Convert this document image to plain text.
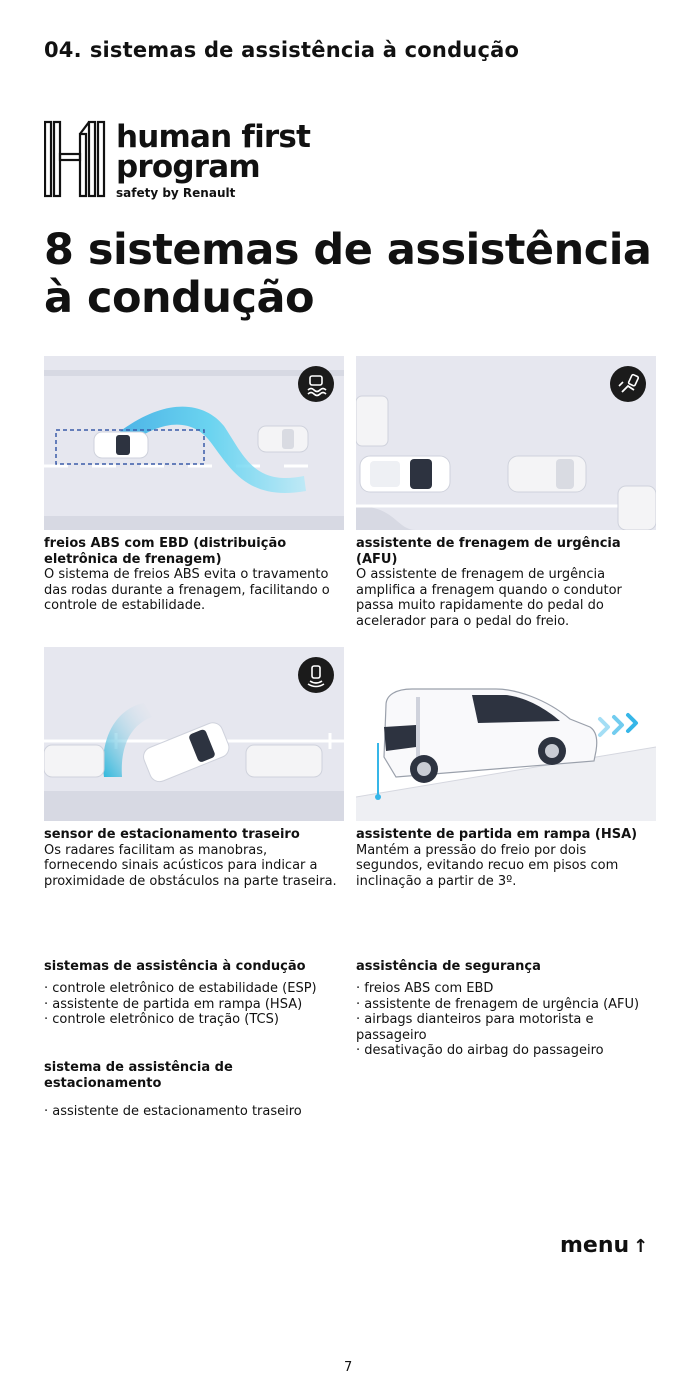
04. sistemas de assistência à condução
human first
program
safety by Renault
8 sistemas de assistência à condução
freios ABS com EBD (distribuição eletrônica de frenagem)
O sistema de freios ABS evita o travamento das rodas durante a frenagem, facilitando o controle de estabilidade.
assistente de frenagem de urgência (AFU)
O assistente de frenagem de urgência amplifica a frenagem quando o condutor passa muito rapidamente do pedal do acelerador para o pedal do freio.
sensor de estacionamento traseiro
Os radares facilitam as manobras, fornecendo sinais acústicos para indicar a proximidade de obstáculos na parte traseira.
assistente de partida em rampa (HSA)
Mantém a pressão do freio por dois segundos, evitando recuo em pisos com inclinação a partir de 3º.
sistemas de assistência à condução
· controle eletrônico de estabilidade (ESP)
· assistente de partida em rampa (HSA)
· controle eletrônico de tração (TCS)
sistema de assistência de estacionamento
· assistente de estacionamento traseiro
assistência de segurança
· freios ABS com EBD
· assistente de frenagem de urgência (AFU)
· airbags dianteiros para motorista e passageiro
· desativação do airbag do passageiro
menu ↑
7
